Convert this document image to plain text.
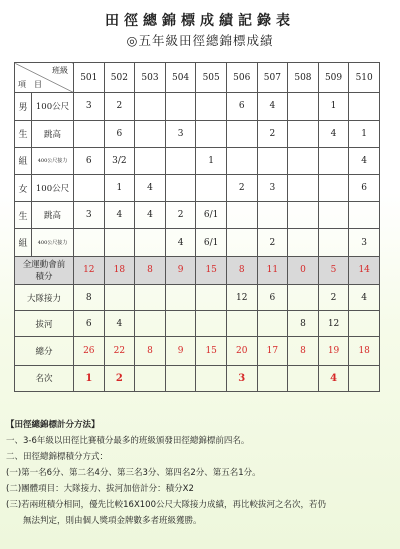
田徑總錦標成績記錄表
◎五年級田徑總錦標成績
班級
項　目		501	502	503	504	505	506	507	508	509	510
男	100公尺	3	2				6	4		1	
生	跳高		6		3			2		4	1
組	400公尺接力	6	3/2			1					4
女	100公尺		1	4			2	3			6
生	跳高	3	4	4	2	6/1					
組	400公尺接力				4	6/1		2			3

全運動會前
積分		12	18	8	9	15	8	11	0	5	14
大隊接力		8					12	6		2	4
拔河		6	4						8	12	
總分		26	22	8	9	15	20	17	8	19	18
名次		1	2				3			4	
【田徑總錦標計分方法】
一、3-6年級以田徑比賽積分最多的班級頒發田徑總錦標前四名。
二、田徑總錦標積分方式：
(一)第一名6分、第二名4分、第三名3分、第四名2分、第五名1分。
(二)團體項目：大隊接力、拔河加倍計分：積分X2
(三)若兩班積分相同，優先比較16X100公尺大隊接力成績，再比較拔河之名次，若仍
　　無法判定，則由個人獎項金牌數多者班級獲勝。
